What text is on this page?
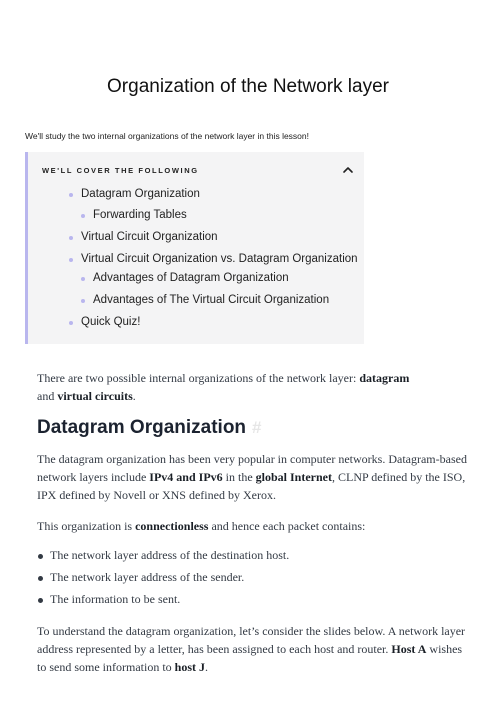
Organization of the Network layer

We'll study the two internal organizations of the network layer in this lesson!

WE'LL COVER THE FOLLOWING
Datagram Organization
Forwarding Tables
Virtual Circuit Organization
Virtual Circuit Organization vs. Datagram Organization
Advantages of Datagram Organization
Advantages of The Virtual Circuit Organization
Quick Quiz!

There are two possible internal organizations of the network layer: datagram
and virtual circuits.

Datagram Organization #

The datagram organization has been very popular in computer networks. Datagram-based network layers include IPv4 and IPv6 in the global Internet, CLNP defined by the ISO, IPX defined by Novell or XNS defined by Xerox.

This organization is connectionless and hence each packet contains:

The network layer address of the destination host.
The network layer address of the sender.
The information to be sent.

To understand the datagram organization, let’s consider the slides below. A network layer address represented by a letter, has been assigned to each host and router. Host A wishes to send some information to host J.
